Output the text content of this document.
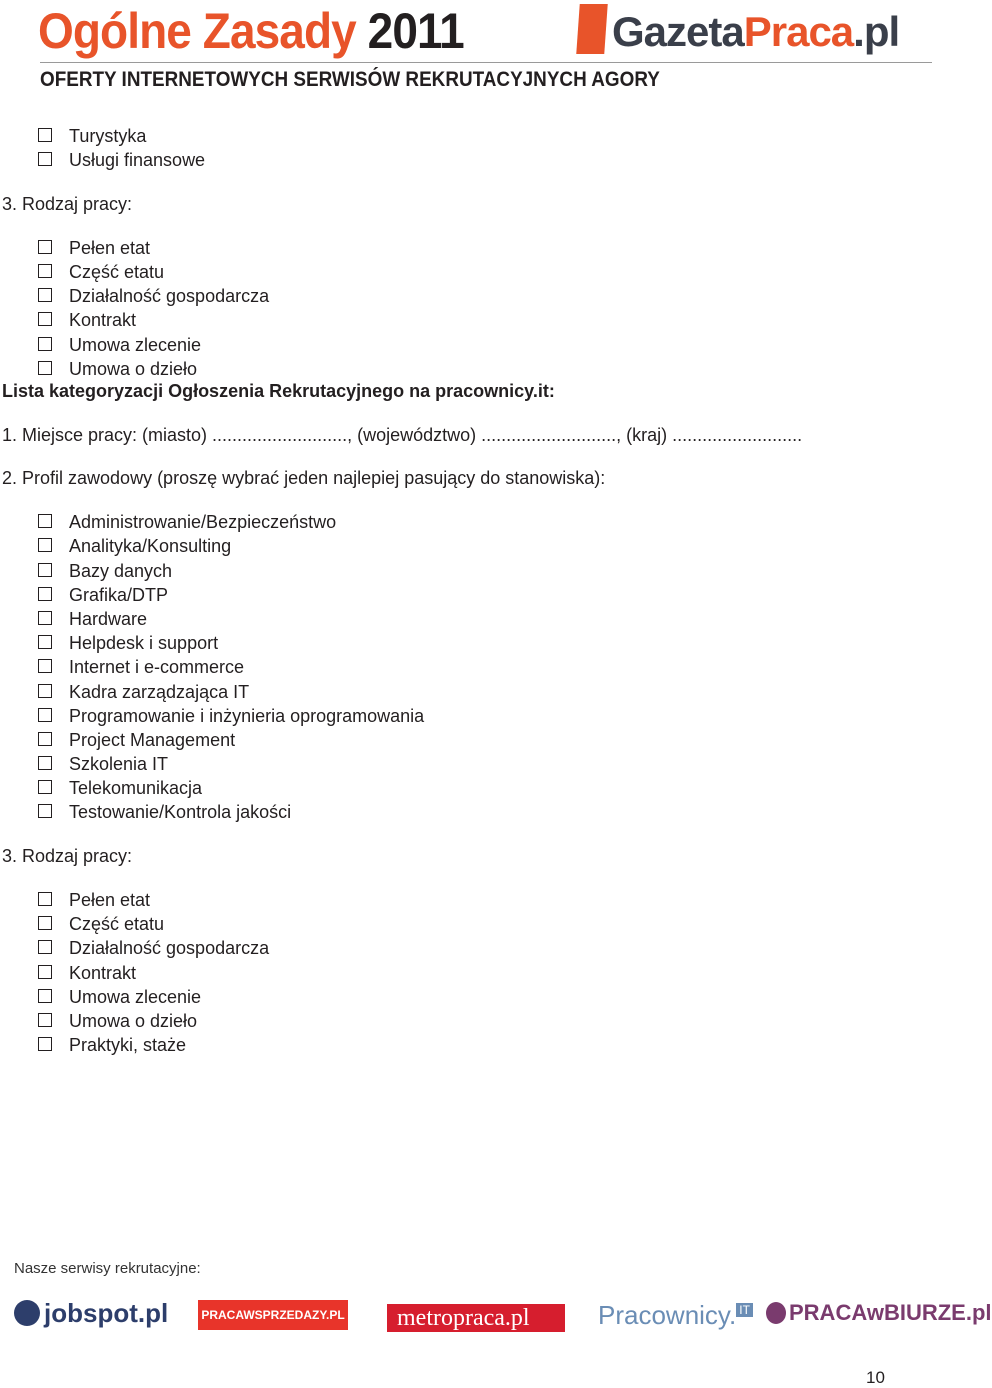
Ogólne Zasady 2011
OFERTY INTERNETOWYCH SERWISÓW REKRUTACYJNYCH AGORY
GazetaPraca.pl
Turystyka
Usługi finansowe
3. Rodzaj pracy:
Pełen etat
Część etatu
Działalność gospodarcza
Kontrakt
Umowa zlecenie
Umowa o dzieło
Lista kategoryzacji Ogłoszenia Rekrutacyjnego na pracownicy.it:
1. Miejsce pracy: (miasto) ..........................., (województwo) ..........................., (kraj) ..........................
2. Profil zawodowy (proszę wybrać jeden najlepiej pasujący do stanowiska):
Administrowanie/Bezpieczeństwo
Analityka/Konsulting
Bazy danych
Grafika/DTP
Hardware
Helpdesk i support
Internet i e-commerce
Kadra zarządzająca IT
Programowanie i inżynieria oprogramowania
Project Management
Szkolenia IT
Telekomunikacja
Testowanie/Kontrola jakości
3. Rodzaj pracy:
Pełen etat
Część etatu
Działalność gospodarcza
Kontrakt
Umowa zlecenie
Umowa o dzieło
Praktyki, staże
Nasze serwisy rekrutacyjne:
jobspot.pl	PRACAWSPRZEDAZY.PL	metropraca.pl	Pracownicy. $^{IT}$	PRACAwBIURZE.pl
10
